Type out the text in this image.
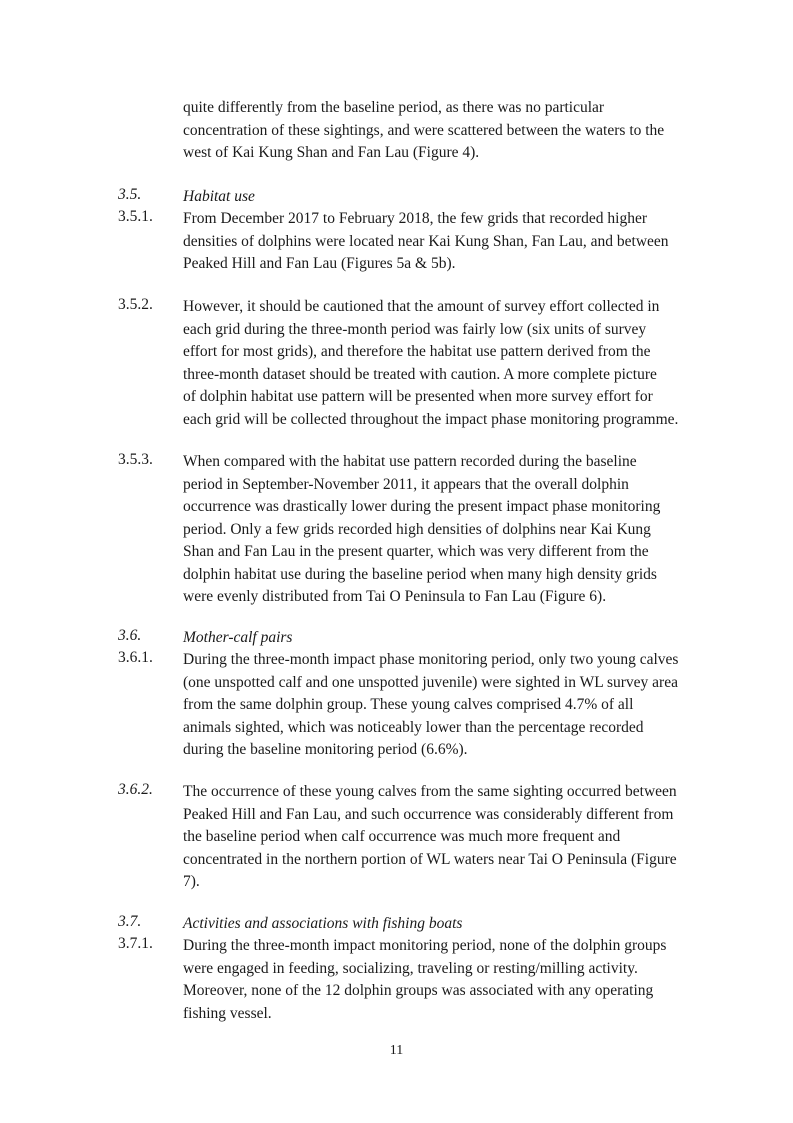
quite differently from the baseline period, as there was no particular
concentration of these sightings, and were scattered between the waters to the
west of Kai Kung Shan and Fan Lau (Figure 4).
3.5.	Habitat use
3.5.1.	From December 2017 to February 2018, the few grids that recorded higher
densities of dolphins were located near Kai Kung Shan, Fan Lau, and between
Peaked Hill and Fan Lau (Figures 5a & 5b).
3.5.2.	However, it should be cautioned that the amount of survey effort collected in
each grid during the three-month period was fairly low (six units of survey
effort for most grids), and therefore the habitat use pattern derived from the
three-month dataset should be treated with caution. A more complete picture
of dolphin habitat use pattern will be presented when more survey effort for
each grid will be collected throughout the impact phase monitoring programme.
3.5.3.	When compared with the habitat use pattern recorded during the baseline
period in September-November 2011, it appears that the overall dolphin
occurrence was drastically lower during the present impact phase monitoring
period. Only a few grids recorded high densities of dolphins near Kai Kung
Shan and Fan Lau in the present quarter, which was very different from the
dolphin habitat use during the baseline period when many high density grids
were evenly distributed from Tai O Peninsula to Fan Lau (Figure 6).
3.6.	Mother-calf pairs
3.6.1.	During the three-month impact phase monitoring period, only two young calves
(one unspotted calf and one unspotted juvenile) were sighted in WL survey area
from the same dolphin group. These young calves comprised 4.7% of all
animals sighted, which was noticeably lower than the percentage recorded
during the baseline monitoring period (6.6%).
3.6.2.	The occurrence of these young calves from the same sighting occurred between
Peaked Hill and Fan Lau, and such occurrence was considerably different from
the baseline period when calf occurrence was much more frequent and
concentrated in the northern portion of WL waters near Tai O Peninsula (Figure
7).
3.7.	Activities and associations with fishing boats
3.7.1.	During the three-month impact monitoring period, none of the dolphin groups
were engaged in feeding, socializing, traveling or resting/milling activity.
Moreover, none of the 12 dolphin groups was associated with any operating
fishing vessel.
11
